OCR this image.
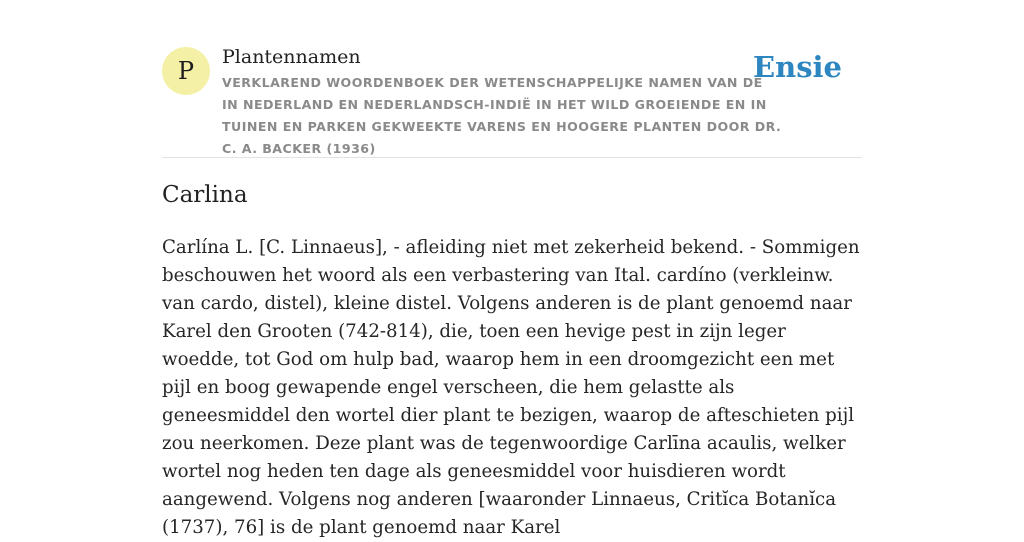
P	Plantennamen
VERKLAREND WOORDENBOEK DER WETENSCHAPPELIJKE NAMEN VAN DE IN NEDERLAND EN NEDERLANDSCH-INDIË IN HET WILD GROEIENDE EN IN TUINEN EN PARKEN GEKWEEKTE VARENS EN HOOGERE PLANTEN DOOR DR. C. A. BACKER (1936)
Ensie
Carlina

Carlína L. [C. Linnaeus], - afleiding niet met zekerheid bekend. - Sommigen beschouwen het woord als een verbastering van Ital. cardíno (verkleinw. van cardo, distel), kleine distel. Volgens anderen is de plant genoemd naar Karel den Grooten (742-814), die, toen een hevige pest in zijn leger woedde, tot God om hulp bad, waarop hem in een droomgezicht een met pijl en boog gewapende engel verscheen, die hem gelastte als geneesmiddel den wortel dier plant te bezigen, waarop de afteschieten pijl zou neerkomen. Deze plant was de tegenwoordige Carlīna acaulis, welker wortel nog heden ten dage als geneesmiddel voor huisdieren wordt aangewend. Volgens nog anderen [waaronder Linnaeus, Critĭca Botanĭca (1737), 76] is de plant genoemd naar Karel
